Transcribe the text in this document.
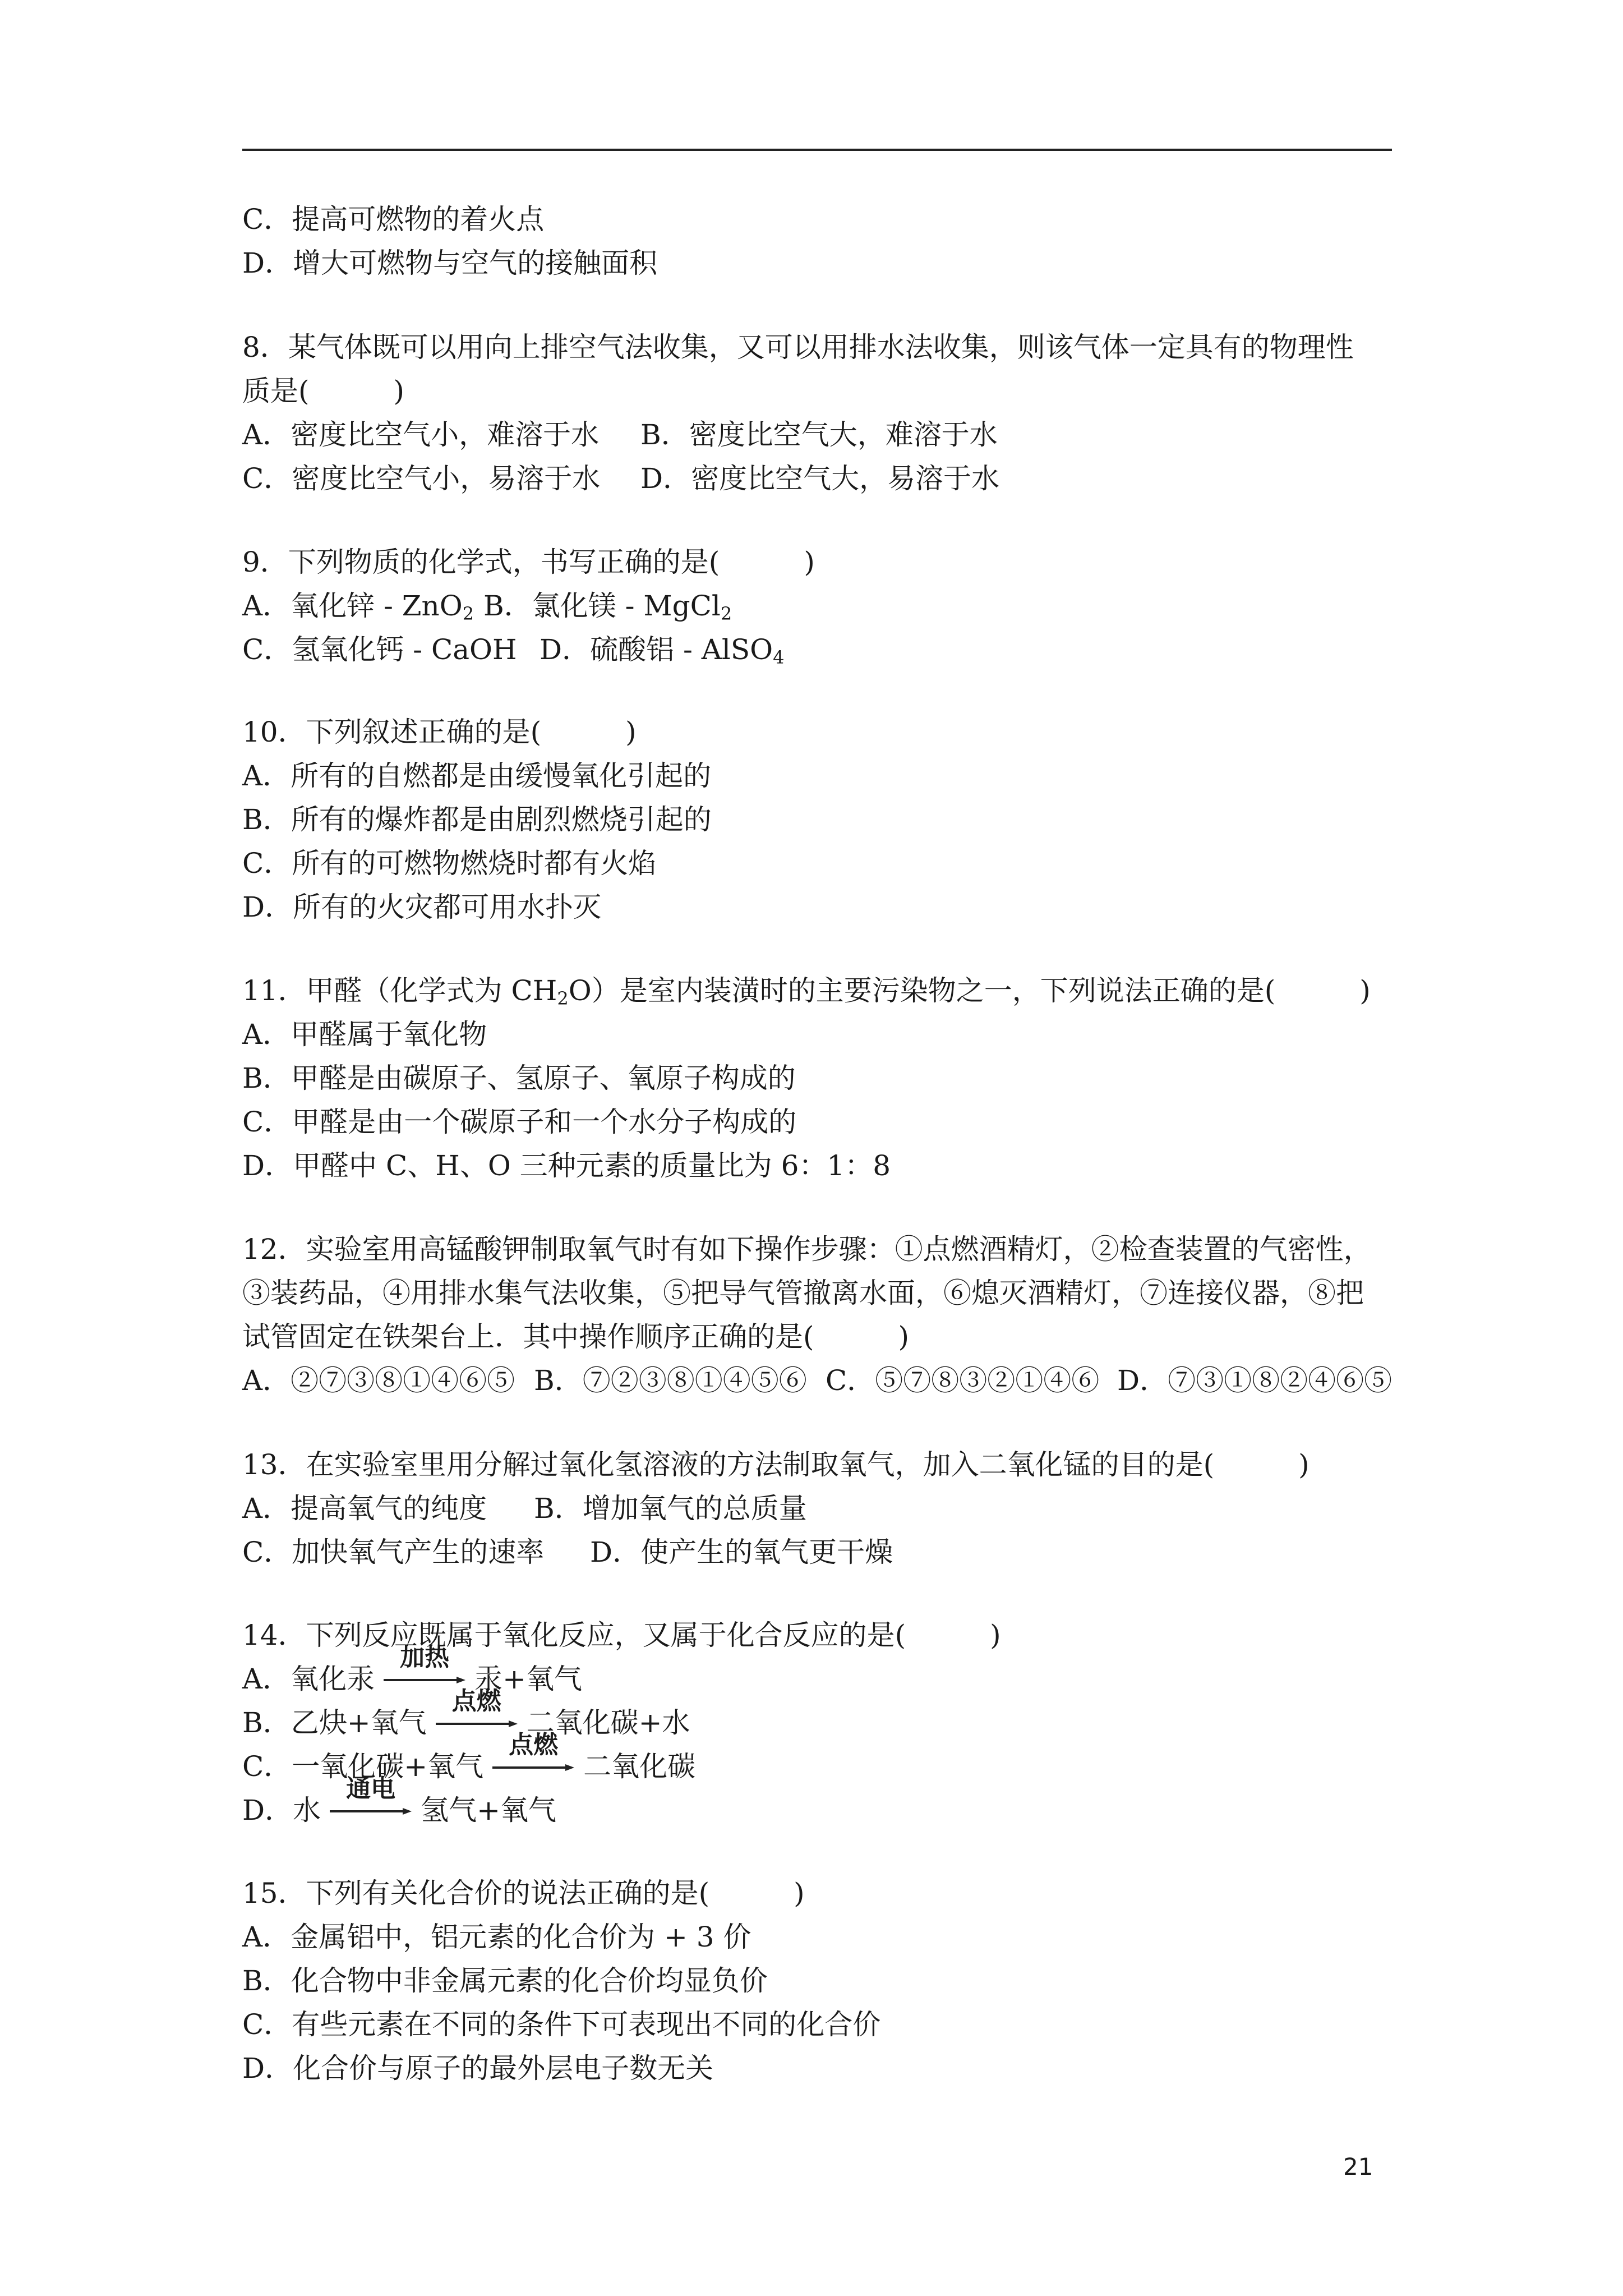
C．提高可燃物的着火点
D．增大可燃物与空气的接触面积
8．某气体既可以用向上排空气法收集，又可以用排水法收集，则该气体一定具有的物理性
质是(	)
A．密度比空气小，难溶于水 B．密度比空气大，难溶于水
C．密度比空气小，易溶于水 D．密度比空气大，易溶于水
9．下列物质的化学式，书写正确的是(	)
A．氧化锌 - ZnO$_2$ B．氯化镁 - MgCl$_2$
C．氢氧化钙 - CaOH D．硫酸铝 - AlSO$_4$
10．下列叙述正确的是(	)
A．所有的自燃都是由缓慢氧化引起的
B．所有的爆炸都是由剧烈燃烧引起的
C．所有的可燃物燃烧时都有火焰
D．所有的火灾都可用水扑灭
11．甲醛（化学式为 $CH_2O$）是室内装潢时的主要污染物之一，下列说法正确的是(	)
A．甲醛属于氧化物
B．甲醛是由碳原子、氢原子、氧原子构成的
C．甲醛是由一个碳原子和一个水分子构成的
D．甲醛中 C、H、O 三种元素的质量比为 6：1：8
12．实验室用高锰酸钾制取氧气时有如下操作步骤：①点燃酒精灯，②检查装置的气密性，
③装药品，④用排水集气法收集，⑤把导气管撤离水面，⑥熄灭酒精灯，⑦连接仪器，⑧把
试管固定在铁架台上．其中操作顺序正确的是(	)
A．②⑦③⑧①④⑥⑤ B．⑦②③⑧①④⑤⑥ C．⑤⑦⑧③②①④⑥ D．⑦③①⑧②④⑥⑤
13．在实验室里用分解过氧化氢溶液的方法制取氧气，加入二氧化锰的目的是(	)
A．提高氧气的纯度 B．增加氧气的总质量
C．加快氧气产生的速率 D．使产生的氧气更干燥
14．下列反应既属于氧化反应，又属于化合反应的是(	)
A．氧化汞
加热
汞+氧气
B．乙炔+氧气
点燃
二氧化碳+水
C．一氧化碳+氧气
点燃
二氧化碳
D．水
通电
氢气+氧气
15．下列有关化合价的说法正确的是(	)
A．金属铝中，铝元素的化合价为 + 3 价
B．化合物中非金属元素的化合价均显负价
C．有些元素在不同的条件下可表现出不同的化合价
D．化合价与原子的最外层电子数无关
21
